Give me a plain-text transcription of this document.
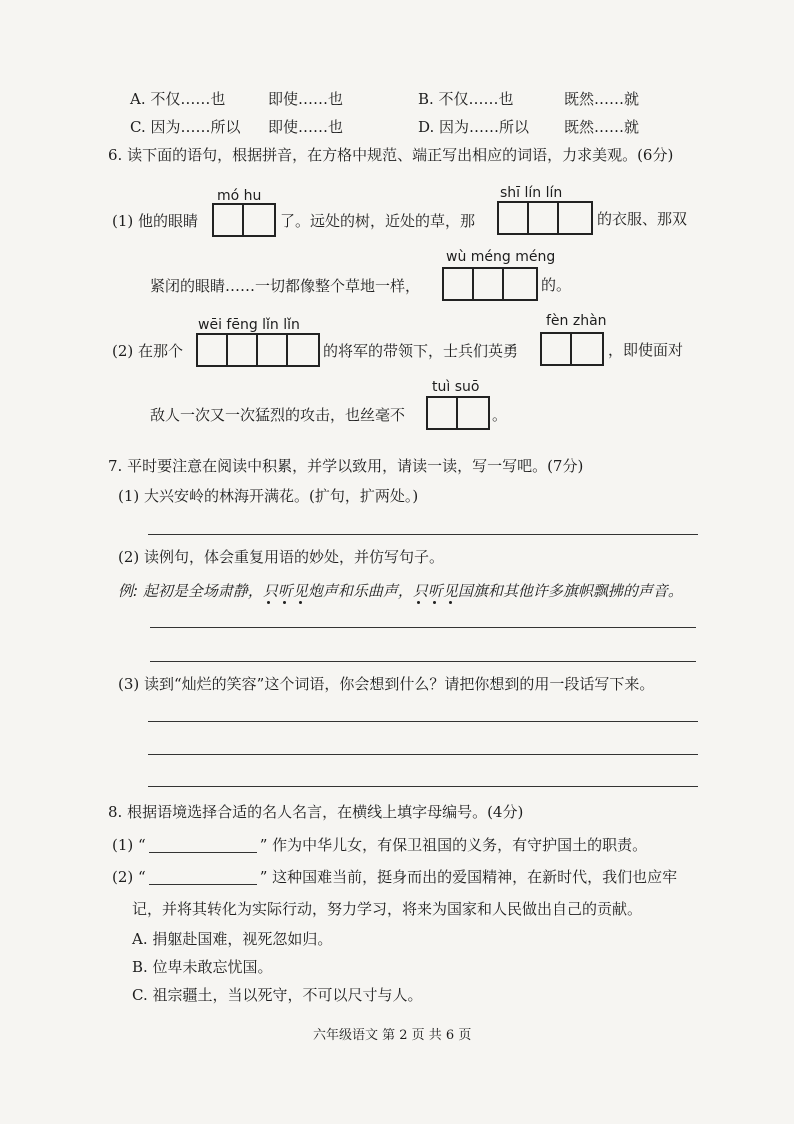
A. 不仅……也	即使……也	B. 不仅……也	既然……就
C. 因为……所以 即使……也	D. 因为……所以 既然……就
6. 读下面的语句，根据拼音，在方格中规范、端正写出相应的词语，力求美观。(6分)
mó hu	shī lín lín
(1) 他的眼睛	了。远处的树，近处的草，那	的衣服、那双
wù méng méng
紧闭的眼睛……一切都像整个草地一样，	的。
wēi fēng lǐn lǐn	fèn zhàn
(2) 在那个	的将军的带领下，士兵们英勇	，即使面对
tuì suō
敌人一次又一次猛烈的攻击，也丝毫不	。
7. 平时要注意在阅读中积累，并学以致用，请读一读，写一写吧。(7分)
(1) 大兴安岭的林海开满花。(扩句，扩两处。)
(2) 读例句，体会重复用语的妙处，并仿写句子。
例: 起初是全场肃静，只听见
炮声和乐曲声，只听见
国旗和其他许多旗帜飘拂的声音。
(3) 读到“灿烂的笑容”这个词语，你会想到什么？请把你想到的用一段话写下来。
8. 根据语境选择合适的名人名言，在横线上填字母编号。(4分)
(1) “	” 作为中华儿女，有保卫祖国的义务，有守护国土的职责。
(2) “	” 这种国难当前，挺身而出的爱国精神，在新时代，我们也应牢
记，并将其转化为实际行动，努力学习，将来为国家和人民做出自己的贡献。
A. 捐躯赴国难，视死忽如归。
B. 位卑未敢忘忧国。
C. 祖宗疆土，当以死守，不可以尺寸与人。
六年级语文 第 2 页 共 6 页
